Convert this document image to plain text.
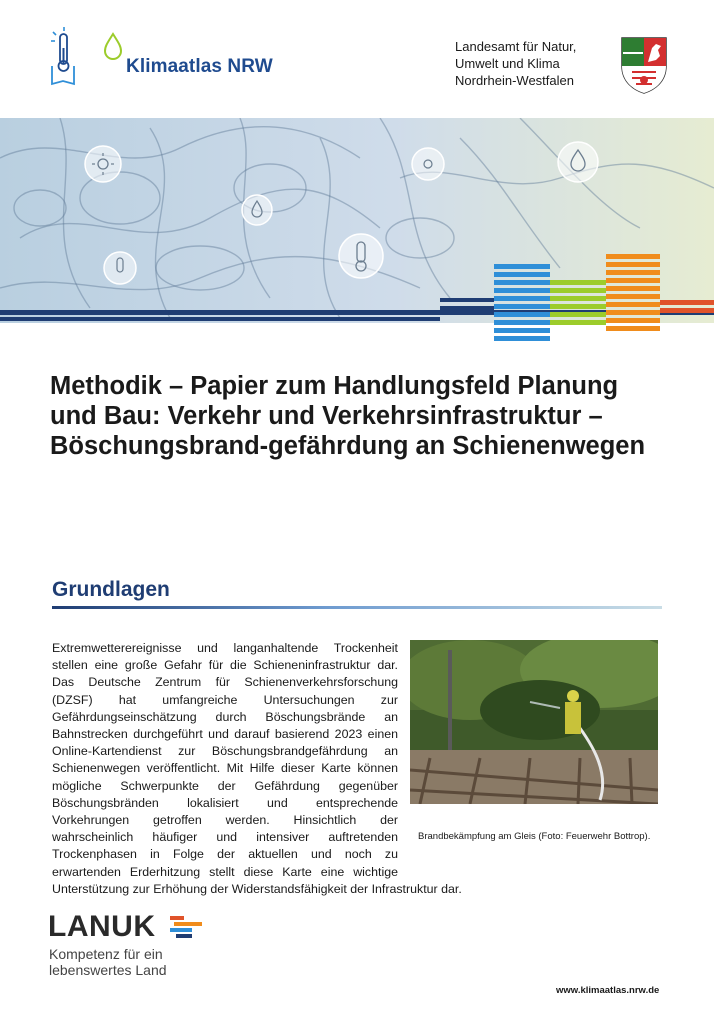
Klimaatlas NRW
Landesamt für Natur,
Umwelt und Klima
Nordrhein-Westfalen
Methodik – Papier zum Handlungsfeld Planung und Bau: Verkehr und Verkehrsinfrastruktur – Böschungsbrand-gefährdung an Schienenwegen
Grundlagen
Brandbekämpfung am Gleis (Foto: Feuerwehr Bottrop).
Extremwetterereignisse und langanhaltende Trockenheit stellen eine große Gefahr für die Schieneninfrastruktur dar. Das Deutsche Zentrum für Schienenverkehrsforschung (DZSF) hat umfangreiche Untersuchungen zur Gefährdungseinschätzung durch Böschungsbrände an Bahnstrecken durchgeführt und darauf basierend 2023 einen Online-Kartendienst zur Böschungsbrandgefährdung an Schienenwegen veröffentlicht. Mit Hilfe dieser Karte können mögliche Schwerpunkte der Gefährdung gegenüber Böschungsbränden lokalisiert und entsprechende Vorkehrungen getroffen werden. Hinsichtlich der wahrscheinlich häufiger und intensiver auftretenden Trockenphasen in Folge der aktuellen und noch zu erwartenden Erderhitzung stellt diese Karte eine wichtige Unterstützung zur Erhöhung der Widerstandsfähigkeit der Infrastruktur dar.
LANUK
Kompetenz für ein
lebenswertes Land
www.klimaatlas.nrw.de
